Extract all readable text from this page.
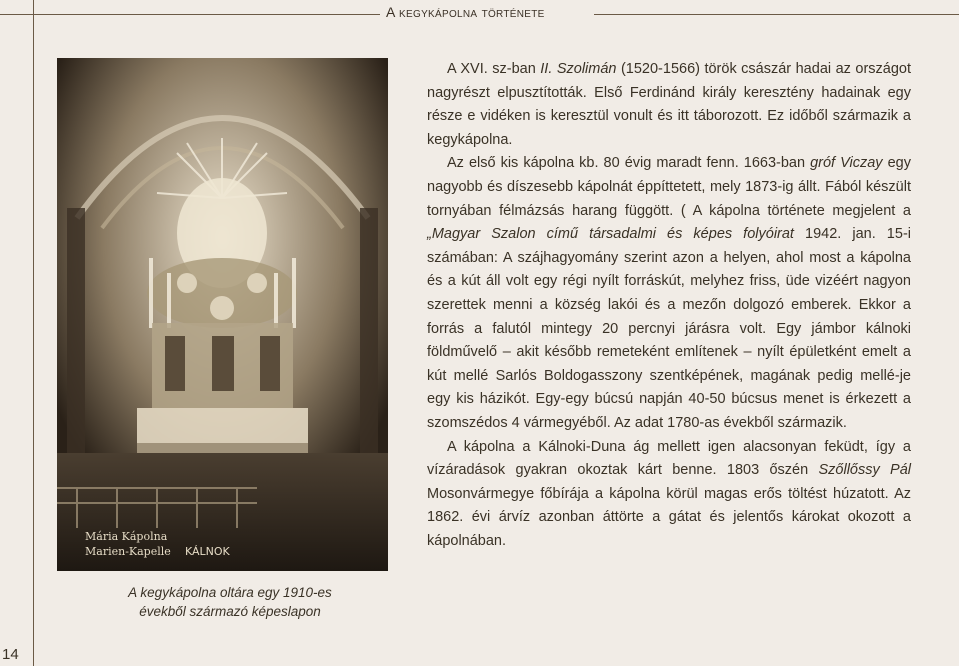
A kegykápolna története
14
Mária Kápolna
Marien-Kapelle KÁLNOK
A kegykápolna oltára egy 1910-es
évekből származó képeslapon

A XVI. sz-ban II. Szolimán (1520-1566) török császár hadai az országot nagyrészt elpusztították. Első Ferdinánd király keresztény hadainak egy része e vidéken is keresztül vonult és itt táborozott. Ez időből származik a kegykápolna.

Az első kis kápolna kb. 80 évig maradt fenn. 1663-ban gróf Viczay egy nagyobb és díszesebb kápolnát éppíttetett, mely 1873-ig állt. Fából készült tornyában félmázsás harang függött. ( A kápolna története megjelent a „Magyar Szalon című társadalmi és képes folyóirat 1942. jan. 15-i számában: A szájhagyomány szerint azon a helyen, ahol most a kápolna és a kút áll volt egy régi nyílt forráskút, melyhez friss, üde vizéért nagyon szerettek menni a község lakói és a mezőn dolgozó emberek. Ekkor a forrás a falutól mintegy 20 percnyi járásra volt. Egy jámbor kálnoki földművelő – akit később remeteként említenek – nyílt épületként emelt a kút mellé Sarlós Boldogasszony szentképének, magának pedig mellé-je egy kis házikót. Egy-egy búcsú napján 40-50 búcsus menet is érkezett a szomszédos 4 vármegyéből. Az adat 1780-as évekből származik.

A kápolna a Kálnoki-Duna ág mellett igen alacsonyan feküdt, így a vízáradások gyakran okoztak kárt benne. 1803 őszén Szőllőssy Pál Mosonvármegye főbírája a kápolna körül magas erős töltést húzatott. Az 1862. évi árvíz azonban áttörte a gátat és jelentős károkat okozott a kápolnában.
